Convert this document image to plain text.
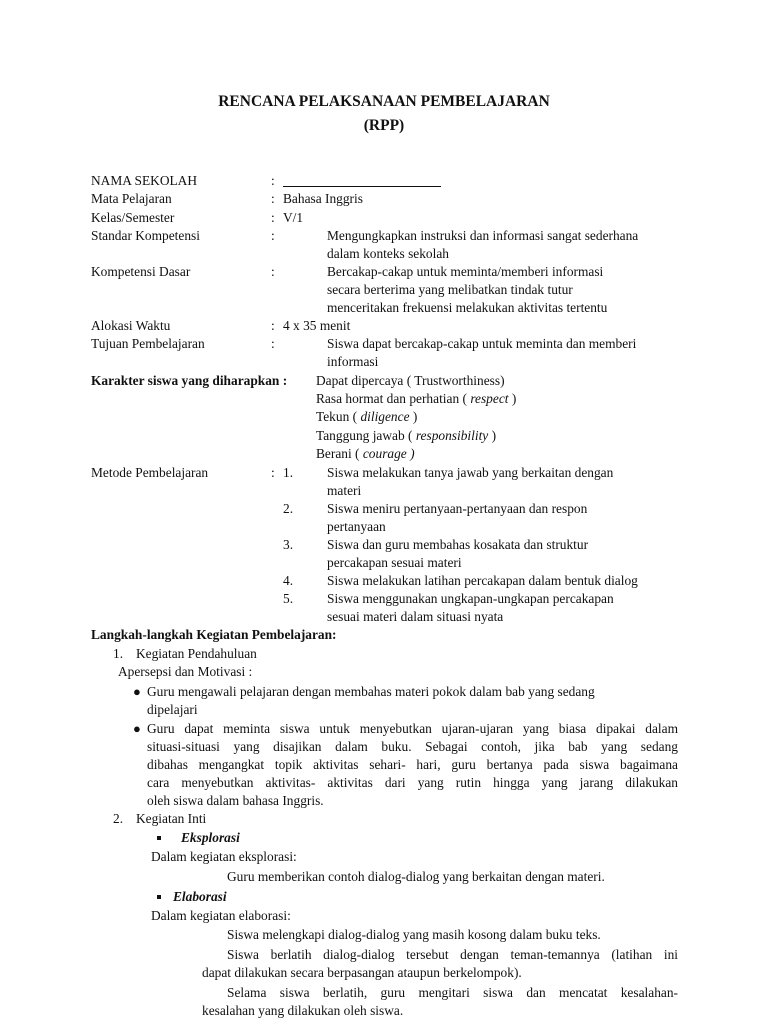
RENCANA PELAKSANAAN PEMBELAJARAN
(RPP)
NAMA SEKOLAH	:
Mata Pelajaran	: Bahasa Inggris
Kelas/Semester	: V/1
Standar Kompetensi	:	Mengungkapkan instruksi dan informasi sangat sederhana
dalam konteks sekolah
Kompetensi Dasar	:	Bercakap-cakap untuk meminta/memberi informasi
secara berterima yang melibatkan tindak tutur
menceritakan frekuensi melakukan aktivitas tertentu
Alokasi Waktu	: 4 x 35 menit
Tujuan Pembelajaran	:	Siswa dapat bercakap-cakap untuk meminta dan memberi
informasi
Karakter siswa yang diharapkan : Dapat dipercaya ( Trustworthiness)
Rasa hormat dan perhatian ( respect )
Tekun ( diligence )
Tanggung jawab ( responsibility )
Berani ( courage )
Metode Pembelajaran	: 1.	Siswa melakukan tanya jawab yang berkaitan dengan
materi
2.	Siswa meniru pertanyaan-pertanyaan dan respon
pertanyaan
3.	Siswa dan guru membahas kosakata dan struktur
percakapan sesuai materi
4.	Siswa melakukan latihan percakapan dalam bentuk dialog
5.	Siswa menggunakan ungkapan-ungkapan percakapan
sesuai materi dalam situasi nyata
Langkah-langkah Kegiatan Pembelajaran:
1. Kegiatan Pendahuluan
Apersepsi dan Motivasi :
● Guru mengawali pelajaran dengan membahas materi pokok dalam bab yang sedang
dipelajari
● Guru dapat meminta siswa untuk menyebutkan ujaran-ujaran yang biasa dipakai dalam
situasi-situasi yang disajikan dalam buku. Sebagai contoh, jika bab yang sedang
dibahas mengangkat topik aktivitas sehari- hari, guru bertanya pada siswa bagaimana
cara menyebutkan aktivitas- aktivitas dari yang rutin hingga yang jarang dilakukan
oleh siswa dalam bahasa Inggris.
2. Kegiatan Inti
Eksplorasi
Dalam kegiatan eksplorasi:
Guru memberikan contoh dialog-dialog yang berkaitan dengan materi.
Elaborasi
Dalam kegiatan elaborasi:
Siswa melengkapi dialog-dialog yang masih kosong dalam buku teks.
Siswa berlatih dialog-dialog tersebut dengan teman-temannya (latihan ini
dapat dilakukan secara berpasangan ataupun berkelompok).
Selama siswa berlatih, guru mengitari siswa dan mencatat kesalahan-
kesalahan yang dilakukan oleh siswa.
